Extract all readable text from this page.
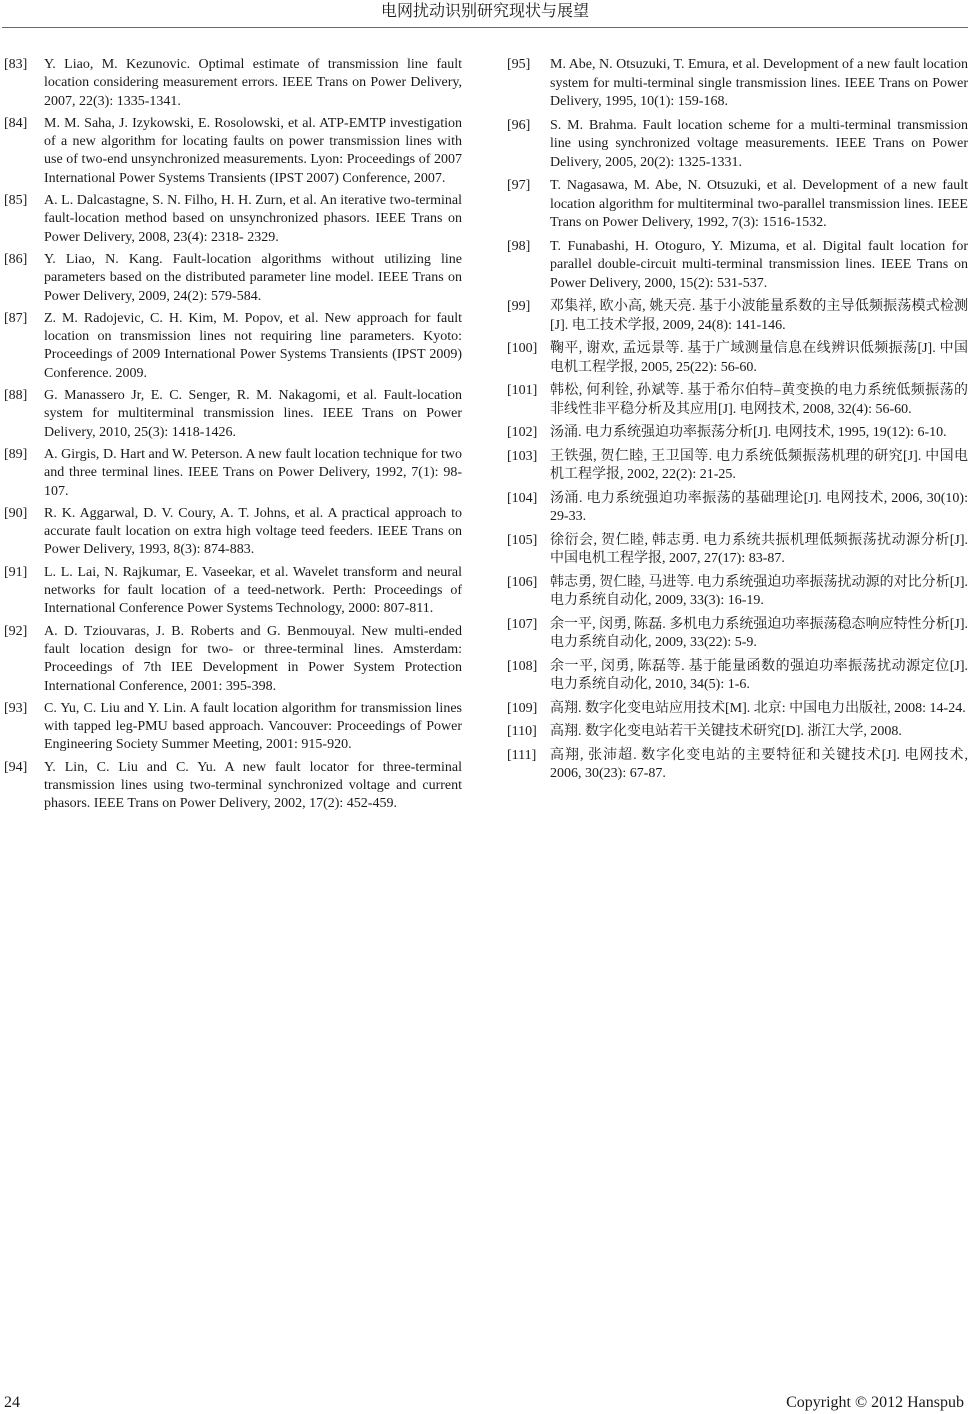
电网扰动识别研究现状与展望
[83]	Y. Liao, M. Kezunovic. Optimal estimate of transmission line fault location considering measurement errors. IEEE Trans on Power Delivery, 2007, 22(3): 1335-1341.
[84]	M. M. Saha, J. Izykowski, E. Rosolowski, et al. ATP-EMTP investigation of a new algorithm for locating faults on power transmission lines with use of two-end unsynchronized measurements. Lyon: Proceedings of 2007 International Power Systems Transients (IPST 2007) Conference, 2007.
[85]	A. L. Dalcastagne, S. N. Filho, H. H. Zurn, et al. An iterative two-terminal fault-location method based on unsynchronized phasors. IEEE Trans on Power Delivery, 2008, 23(4): 2318- 2329.
[86]	Y. Liao, N. Kang. Fault-location algorithms without utilizing line parameters based on the distributed parameter line model. IEEE Trans on Power Delivery, 2009, 24(2): 579-584.
[87]	Z. M. Radojevic, C. H. Kim, M. Popov, et al. New approach for fault location on transmission lines not requiring line parameters. Kyoto: Proceedings of 2009 International Power Systems Transients (IPST 2009) Conference. 2009.
[88]	G. Manassero Jr, E. C. Senger, R. M. Nakagomi, et al. Fault-location system for multiterminal transmission lines. IEEE Trans on Power Delivery, 2010, 25(3): 1418-1426.
[89]	A. Girgis, D. Hart and W. Peterson. A new fault location technique for two and three terminal lines. IEEE Trans on Power Delivery, 1992, 7(1): 98-107.
[90]	R. K. Aggarwal, D. V. Coury, A. T. Johns, et al. A practical approach to accurate fault location on extra high voltage teed feeders. IEEE Trans on Power Delivery, 1993, 8(3): 874-883.
[91]	L. L. Lai, N. Rajkumar, E. Vaseekar, et al. Wavelet transform and neural networks for fault location of a teed-network. Perth: Proceedings of International Conference Power Systems Technology, 2000: 807-811.
[92]	A. D. Tziouvaras, J. B. Roberts and G. Benmouyal. New multi-ended fault location design for two- or three-terminal lines. Amsterdam: Proceedings of 7th IEE Development in Power System Protection International Conference, 2001: 395-398.
[93]	C. Yu, C. Liu and Y. Lin. A fault location algorithm for transmission lines with tapped leg-PMU based approach. Vancouver: Proceedings of Power Engineering Society Summer Meeting, 2001: 915-920.
[94]	Y. Lin, C. Liu and C. Yu. A new fault locator for three-terminal transmission lines using two-terminal synchronized voltage and current phasors. IEEE Trans on Power Delivery, 2002, 17(2): 452-459.
[95]	M. Abe, N. Otsuzuki, T. Emura, et al. Development of a new fault location system for multi-terminal single transmission lines. IEEE Trans on Power Delivery, 1995, 10(1): 159-168.
[96]	S. M. Brahma. Fault location scheme for a multi-terminal transmission line using synchronized voltage measurements. IEEE Trans on Power Delivery, 2005, 20(2): 1325-1331.
[97]	T. Nagasawa, M. Abe, N. Otsuzuki, et al. Development of a new fault location algorithm for multiterminal two-parallel transmission lines. IEEE Trans on Power Delivery, 1992, 7(3): 1516-1532.
[98]	T. Funabashi, H. Otoguro, Y. Mizuma, et al. Digital fault location for parallel double-circuit multi-terminal transmission lines. IEEE Trans on Power Delivery, 2000, 15(2): 531-537.
[99]	邓集祥, 欧小高, 姚天亮. 基于小波能量系数的主导低频振荡模式检测[J]. 电工技术学报, 2009, 24(8): 141-146.
[100] 鞠平, 谢欢, 孟远景等. 基于广域测量信息在线辨识低频振荡[J]. 中国电机工程学报, 2005, 25(22): 56-60.
[101] 韩松, 何利铨, 孙斌等. 基于希尔伯特–黄变换的电力系统低频振荡的非线性非平稳分析及其应用[J]. 电网技术, 2008, 32(4): 56-60.
[102] 汤涌. 电力系统强迫功率振荡分析[J]. 电网技术, 1995, 19(12): 6-10.
[103] 王铁强, 贺仁睦, 王卫国等. 电力系统低频振荡机理的研究[J]. 中国电机工程学报, 2002, 22(2): 21-25.
[104] 汤涌. 电力系统强迫功率振荡的基础理论[J]. 电网技术, 2006, 30(10): 29-33.
[105] 徐衍会, 贺仁睦, 韩志勇. 电力系统共振机理低频振荡扰动源分析[J]. 中国电机工程学报, 2007, 27(17): 83-87.
[106] 韩志勇, 贺仁睦, 马进等. 电力系统强迫功率振荡扰动源的对比分析[J]. 电力系统自动化, 2009, 33(3): 16-19.
[107] 余一平, 闵勇, 陈磊. 多机电力系统强迫功率振荡稳态响应特性分析[J]. 电力系统自动化, 2009, 33(22): 5-9.
[108] 余一平, 闵勇, 陈磊等. 基于能量函数的强迫功率振荡扰动源定位[J]. 电力系统自动化, 2010, 34(5): 1-6.
[109] 高翔. 数字化变电站应用技术[M]. 北京: 中国电力出版社, 2008: 14-24.
[110] 高翔. 数字化变电站若干关键技术研究[D]. 浙江大学, 2008.
[111] 高翔, 张沛超. 数字化变电站的主要特征和关键技术[J]. 电网技术, 2006, 30(23): 67-87.
24	Copyright © 2012 Hanspub
